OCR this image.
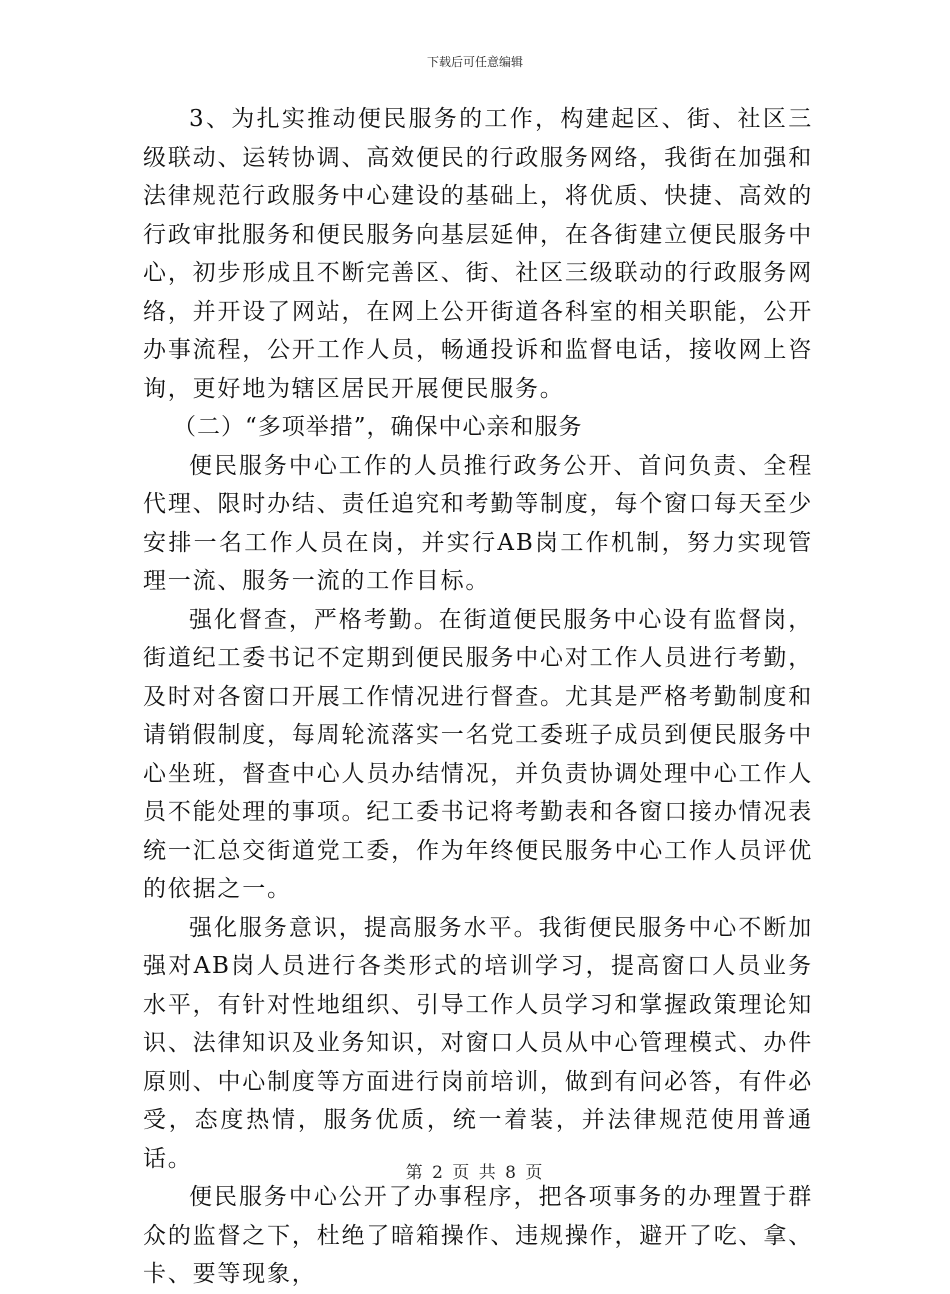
下载后可任意编辑

3、为扎实推动便民服务的工作，构建起区、街、社区三级联动、运转协调、高效便民的行政服务网络，我街在加强和法律规范行政服务中心建设的基础上，将优质、快捷、高效的行政审批服务和便民服务向基层延伸，在各街建立便民服务中心，初步形成且不断完善区、街、社区三级联动的行政服务网络，并开设了网站，在网上公开街道各科室的相关职能，公开办事流程，公开工作人员，畅通投诉和监督电话，接收网上咨询，更好地为辖区居民开展便民服务。

（二）“多项举措”，确保中心亲和服务

便民服务中心工作的人员推行政务公开、首问负责、全程代理、限时办结、责任追究和考勤等制度，每个窗口每天至少安排一名工作人员在岗，并实行AB岗工作机制，努力实现管理一流、服务一流的工作目标。

强化督查，严格考勤。在街道便民服务中心设有监督岗，街道纪工委书记不定期到便民服务中心对工作人员进行考勤，及时对各窗口开展工作情况进行督查。尤其是严格考勤制度和请销假制度，每周轮流落实一名党工委班子成员到便民服务中心坐班，督查中心人员办结情况，并负责协调处理中心工作人员不能处理的事项。纪工委书记将考勤表和各窗口接办情况表统一汇总交街道党工委，作为年终便民服务中心工作人员评优的依据之一。

强化服务意识，提高服务水平。我街便民服务中心不断加强对AB岗人员进行各类形式的培训学习，提高窗口人员业务水平，有针对性地组织、引导工作人员学习和掌握政策理论知识、法律知识及业务知识，对窗口人员从中心管理模式、办件原则、中心制度等方面进行岗前培训，做到有问必答，有件必受，态度热情，服务优质，统一着装，并法律规范使用普通话。

便民服务中心公开了办事程序，把各项事务的办理置于群众的监督之下，杜绝了暗箱操作、违规操作，避开了吃、拿、卡、要等现象，

第 2 页 共 8 页
